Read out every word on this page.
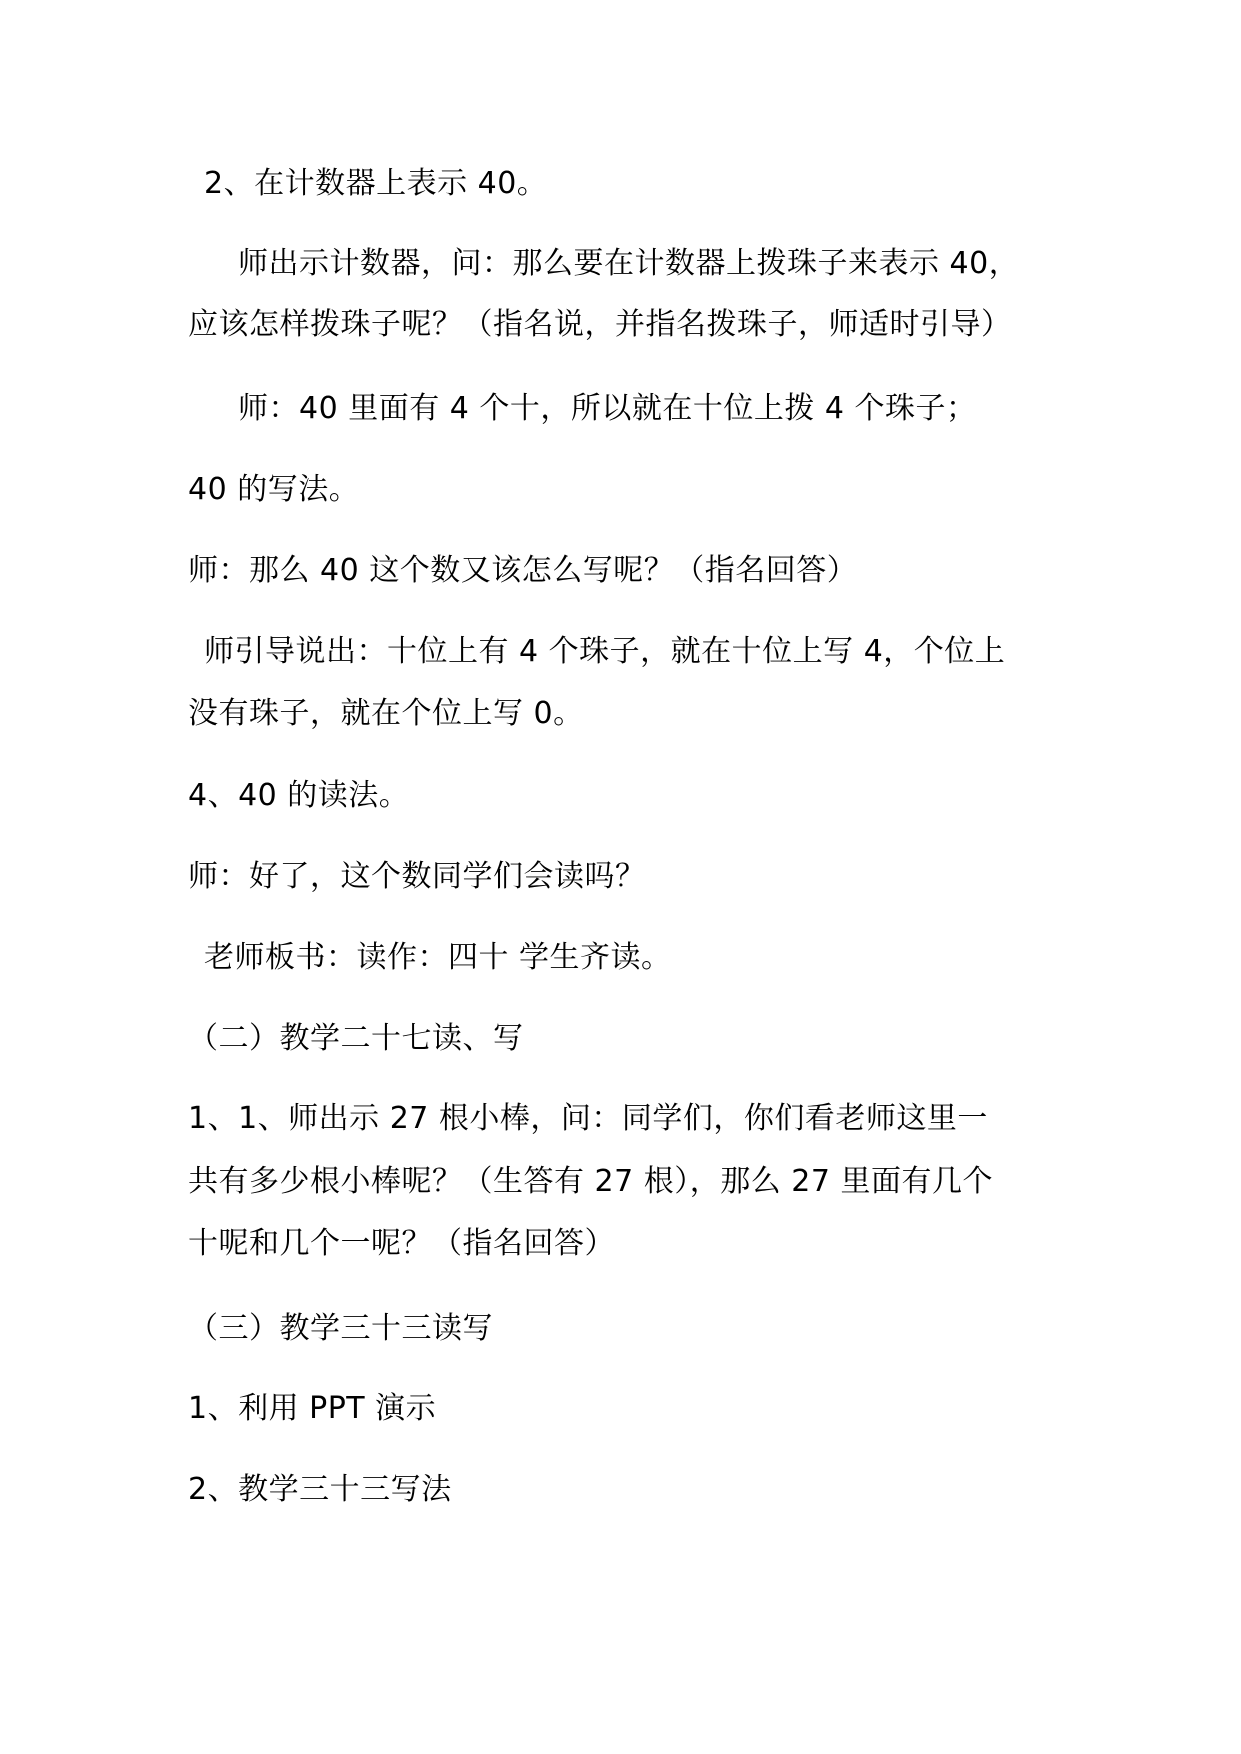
2、在计数器上表示 40。
师出示计数器，问：那么要在计数器上拨珠子来表示 40，
应该怎样拨珠子呢？（指名说，并指名拨珠子，师适时引导）
师：40 里面有 4 个十，所以就在十位上拨 4 个珠子；
40 的写法。
师：那么 40 这个数又该怎么写呢？（指名回答）
师引导说出：十位上有 4 个珠子，就在十位上写 4，个位上
没有珠子，就在个位上写 0。
4、40 的读法。
师：好了，这个数同学们会读吗？
老师板书：读作：四十 学生齐读。
（二）教学二十七读、写
1、1、师出示 27 根小棒，问：同学们，你们看老师这里一
共有多少根小棒呢？（生答有 27 根），那么 27 里面有几个
十呢和几个一呢？（指名回答）
（三）教学三十三读写
1、利用 PPT 演示
2、教学三十三写法
